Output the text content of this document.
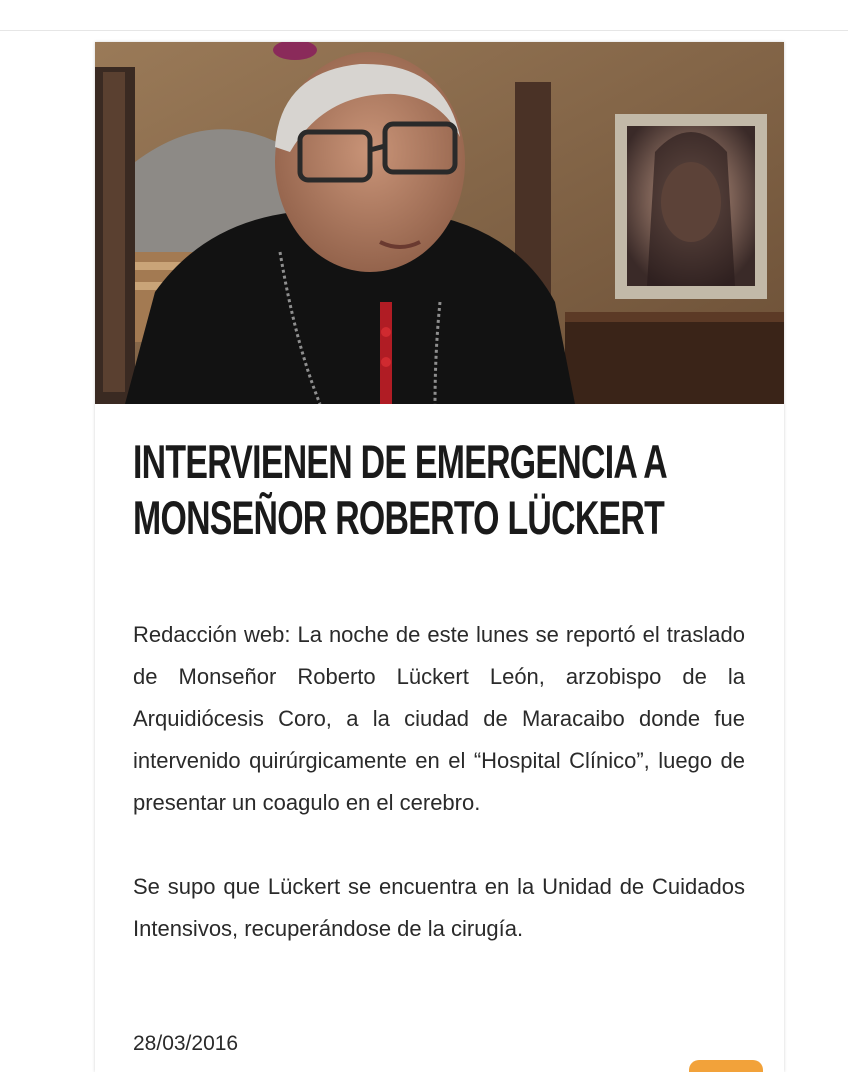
INTERVIENEN DE EMERGENCIA A
MONSEÑOR ROBERTO LÜCKERT

Redacción web: La noche de este lunes se reportó el traslado de Monseñor Roberto Lückert León, arzobispo de la Arquidiócesis Coro, a la ciudad de Maracaibo donde fue intervenido quirúrgicamente en el “Hospital Clínico”, luego de presentar un coagulo en el cerebro.

Se supo que Lückert se encuentra en la Unidad de Cuidados Intensivos, recuperándose de la cirugía.

28/03/2016
